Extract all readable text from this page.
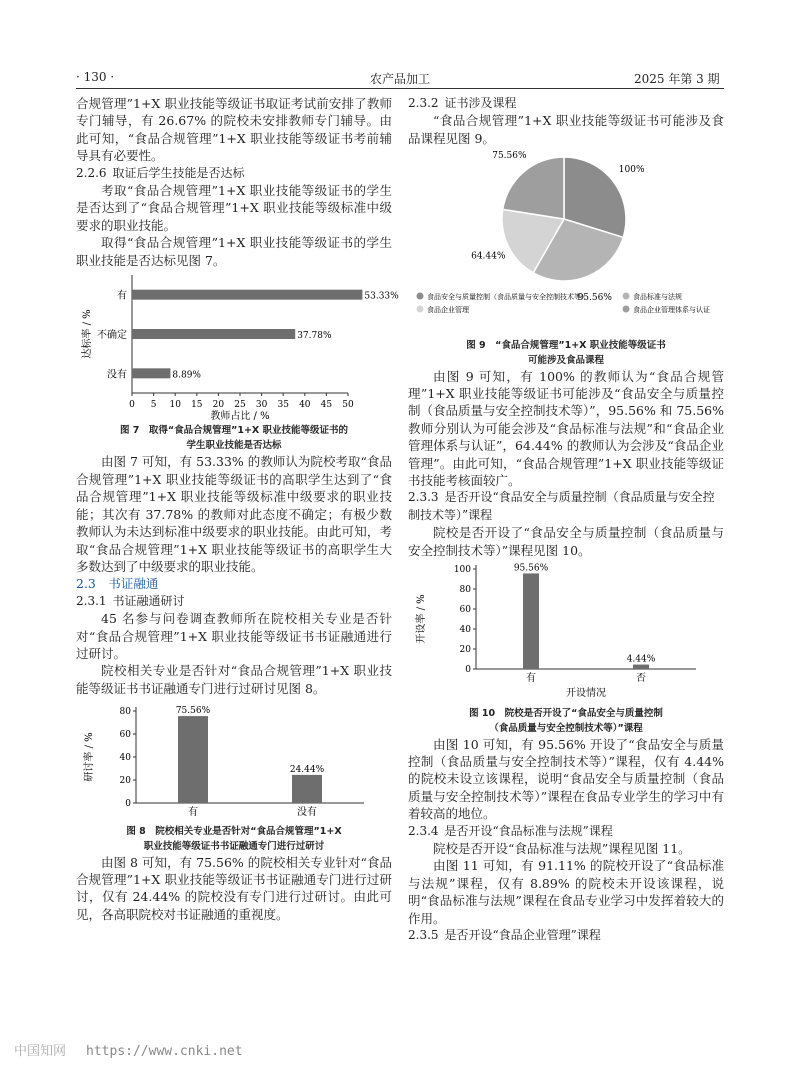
· 130 ·	农产品加工	2025 年第 3 期

合规管理”1+X 职业技能等级证书取证考试前安排了教师专门辅导，有 26.67% 的院校未安排教师专门辅导。由此可知，“食品合规管理”1+X 职业技能等级证书考前辅导具有必要性。

2.2.6 取证后学生技能是否达标

考取“食品合规管理”1+X 职业技能等级证书的学生是否达到了“食品合规管理”1+X 职业技能等级标准中级要求的职业技能。

取得“食品合规管理”1+X 职业技能等级证书的学生职业技能是否达标见图 7。

0 5 10 15 20 25 30 35 40 45 50
有	53.33%
不确定	37.78%
没有	8.89%
教师占比 / %
达标率 / %

图 7　取得“食品合规管理”1+X 职业技能等级证书的

学生职业技能是否达标

由图 7 可知，有 53.33% 的教师认为院校考取“食品合规管理”1+X 职业技能等级证书的高职学生达到了“食品合规管理”1+X 职业技能等级标准中级要求的职业技能；其次有 37.78% 的教师对此态度不确定；有极少数教师认为未达到标准中级要求的职业技能。由此可知，考取“食品合规管理”1+X 职业技能等级证书的高职学生大多数达到了中级要求的职业技能。

2.3　书证融通

2.3.1 书证融通研讨

45 名参与问卷调查教师所在院校相关专业是否针对“食品合规管理”1+X 职业技能等级证书书证融通进行过研讨。

院校相关专业是否针对“食品合规管理”1+X 职业技能等级证书书证融通专门进行过研讨见图 8。

0
20
40
60
80	75.56%
有
24.44%
没有
研讨率 / %

图 8　院校相关专业是否针对“食品合规管理”1+X

职业技能等级证书书证融通专门进行过研讨

由图 8 可知，有 75.56% 的院校相关专业针对“食品合规管理”1+X 职业技能等级证书书证融通专门进行过研讨，仅有 24.44% 的院校没有专门进行过研讨。由此可见，各高职院校对书证融通的重视度。

2.3.2 证书涉及课程

“食品合规管理”1+X 职业技能等级证书可能涉及食品课程见图 9。

100%
95.56%
64.44%
75.56%
食品安全与质量控制（食品质量与安全控制技术等）	食品标准与法规
食品企业管理	食品企业管理体系与认证

图 9　“食品合规管理”1+X 职业技能等级证书

可能涉及食品课程

由图 9 可知，有 100% 的教师认为“食品合规管理”1+X 职业技能等级证书可能涉及“食品安全与质量控制（食品质量与安全控制技术等）”，95.56% 和 75.56% 教师分别认为可能会涉及“食品标准与法规”和“食品企业管理体系与认证”，64.44% 的教师认为会涉及“食品企业管理”。由此可知，“食品合规管理”1+X 职业技能等级证书技能考核面较广。

2.3.3 是否开设“食品安全与质量控制（食品质量与安全控制技术等）”课程

院校是否开设了“食品安全与质量控制（食品质量与安全控制技术等）”课程见图 10。

0
20
40
60
80
100	95.56%
有
4.44%
否
开设情况
开设率 / %

图 10　院校是否开设了“食品安全与质量控制

（食品质量与安全控制技术等）”课程

由图 10 可知，有 95.56% 开设了“食品安全与质量控制（食品质量与安全控制技术等）”课程，仅有 4.44% 的院校未设立该课程，说明“食品安全与质量控制（食品质量与安全控制技术等）”课程在食品专业学生的学习中有着较高的地位。

2.3.4 是否开设“食品标准与法规”课程

院校是否开设“食品标准与法规”课程见图 11。

由图 11 可知，有 91.11% 的院校开设了“食品标准与法规”课程，仅有 8.89% 的院校未开设该课程，说明“食品标准与法规”课程在食品专业学习中发挥着较大的作用。

2.3.5 是否开设“食品企业管理”课程

中国知网 https://www.cnki.net
